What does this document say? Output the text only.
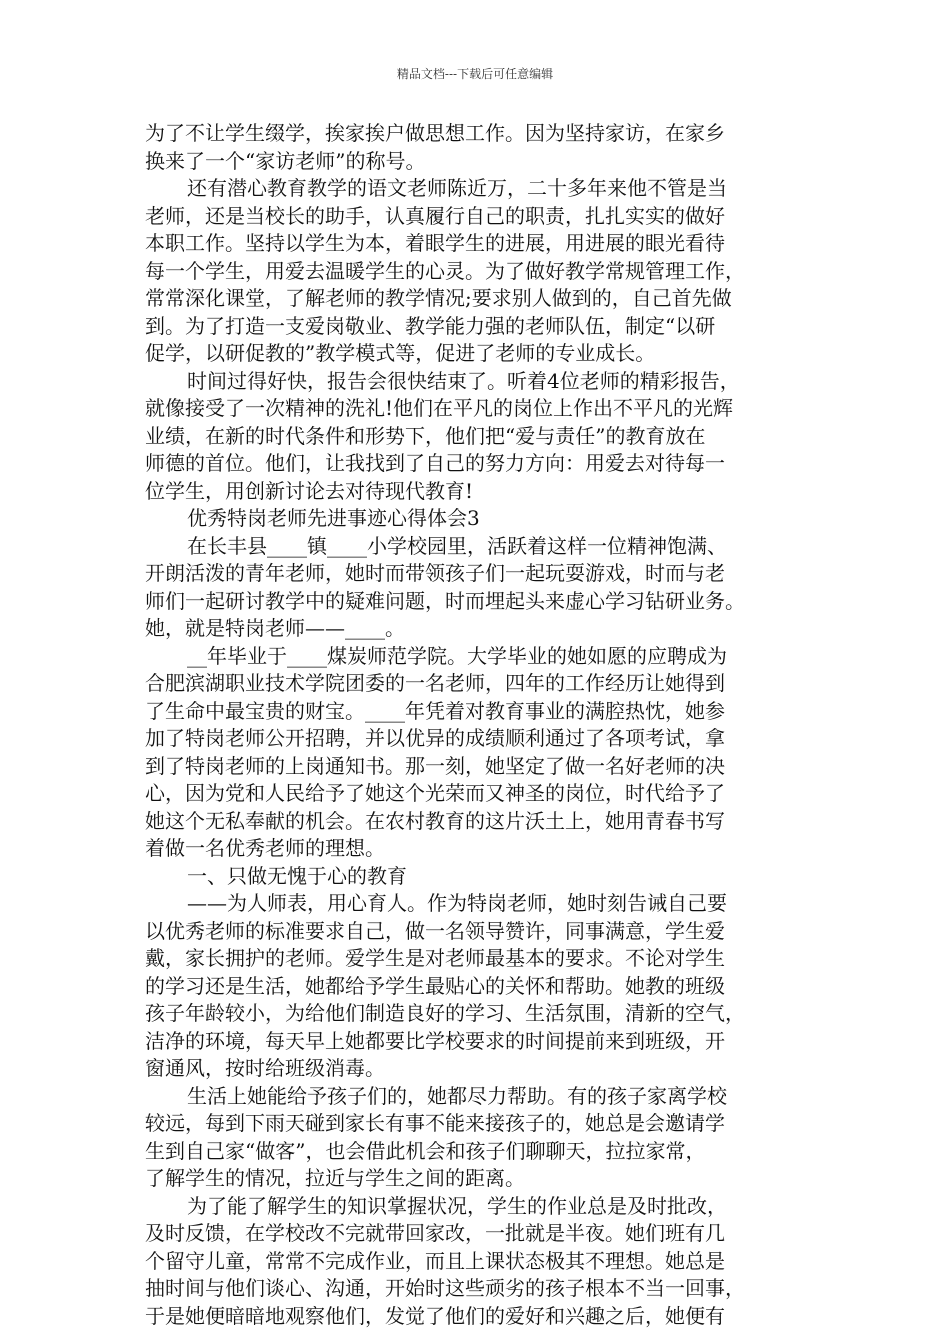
精品文档---下载后可任意编辑
为了不让学生缀学，挨家挨户做思想工作。因为坚持家访，在家乡
换来了一个“家访老师”的称号。
还有潜心教育教学的语文老师陈近万，二十多年来他不管是当
老师，还是当校长的助手，认真履行自己的职责，扎扎实实的做好
本职工作。坚持以学生为本，着眼学生的进展，用进展的眼光看待
每一个学生，用爱去温暖学生的心灵。为了做好教学常规管理工作，
常常深化课堂，了解老师的教学情况;要求别人做到的，自己首先做
到。为了打造一支爱岗敬业、教学能力强的老师队伍，制定“以研
促学，以研促教的”教学模式等，促进了老师的专业成长。
时间过得好快，报告会很快结束了。听着4位老师的精彩报告，
就像接受了一次精神的洗礼!他们在平凡的岗位上作出不平凡的光辉
业绩，在新的时代条件和形势下，他们把“爱与责任”的教育放在
师德的首位。他们，让我找到了自己的努力方向：用爱去对待每一
位学生，用创新讨论去对待现代教育!
优秀特岗老师先进事迹心得体会3
在长丰县____镇____小学校园里，活跃着这样一位精神饱满、
开朗活泼的青年老师，她时而带领孩子们一起玩耍游戏，时而与老
师们一起研讨教学中的疑难问题，时而埋起头来虚心学习钻研业务。
她，就是特岗老师——____。
__年毕业于____煤炭师范学院。大学毕业的她如愿的应聘成为
合肥滨湖职业技术学院团委的一名老师，四年的工作经历让她得到
了生命中最宝贵的财宝。____年凭着对教育事业的满腔热忱，她参
加了特岗老师公开招聘，并以优异的成绩顺利通过了各项考试，拿
到了特岗老师的上岗通知书。那一刻，她坚定了做一名好老师的决
心，因为党和人民给予了她这个光荣而又神圣的岗位，时代给予了
她这个无私奉献的机会。在农村教育的这片沃土上，她用青春书写
着做一名优秀老师的理想。
一、只做无愧于心的教育
——为人师表，用心育人。作为特岗老师，她时刻告诫自己要
以优秀老师的标准要求自己，做一名领导赞许，同事满意，学生爱
戴，家长拥护的老师。爱学生是对老师最基本的要求。不论对学生
的学习还是生活，她都给予学生最贴心的关怀和帮助。她教的班级
孩子年龄较小，为给他们制造良好的学习、生活氛围，清新的空气，
洁净的环境，每天早上她都要比学校要求的时间提前来到班级，开
窗通风，按时给班级消毒。
生活上她能给予孩子们的，她都尽力帮助。有的孩子家离学校
较远，每到下雨天碰到家长有事不能来接孩子的，她总是会邀请学
生到自己家“做客”，也会借此机会和孩子们聊聊天，拉拉家常，
了解学生的情况，拉近与学生之间的距离。
为了能了解学生的知识掌握状况，学生的作业总是及时批改，
及时反馈，在学校改不完就带回家改，一批就是半夜。她们班有几
个留守儿童，常常不完成作业，而且上课状态极其不理想。她总是
抽时间与他们谈心、沟通，开始时这些顽劣的孩子根本不当一回事，
于是她便暗暗地观察他们，发觉了他们的爱好和兴趣之后，她便有
